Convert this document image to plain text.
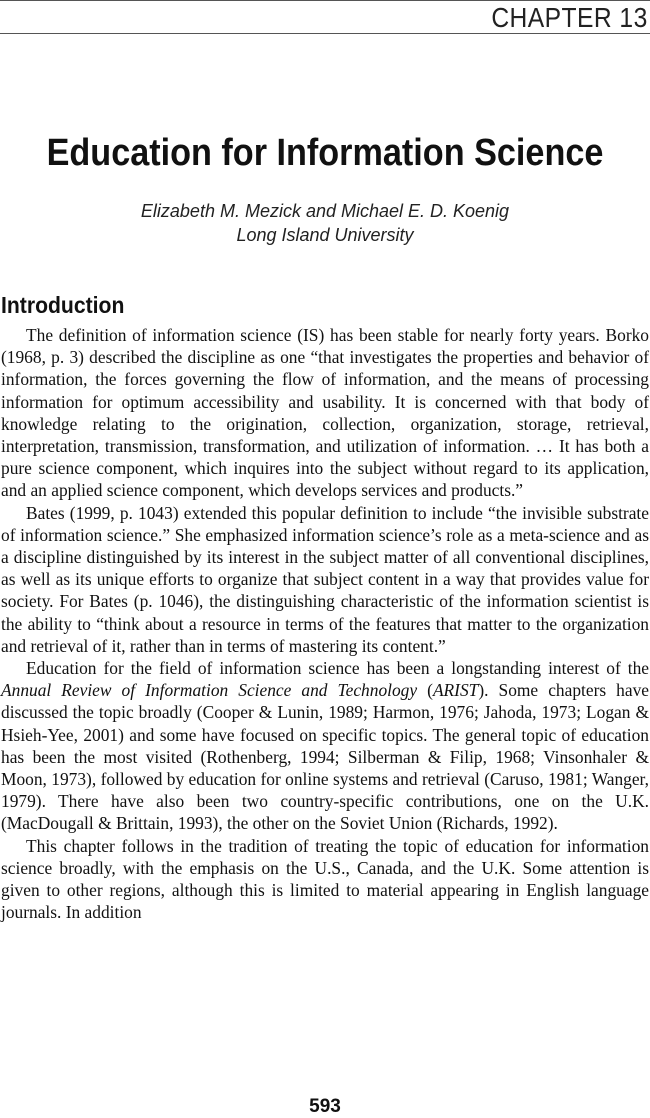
CHAPTER 13
Education for Information Science
Elizabeth M. Mezick and Michael E. D. Koenig
Long Island University
Introduction

The definition of information science (IS) has been stable for nearly forty years. Borko (1968, p. 3) described the discipline as one “that investigates the properties and behavior of information, the forces governing the flow of information, and the means of processing information for optimum accessibility and usability. It is concerned with that body of knowledge relating to the origination, collection, organization, storage, retrieval, interpretation, transmission, transformation, and utilization of information. … It has both a pure science component, which inquires into the subject without regard to its application, and an applied science component, which develops services and products.”

Bates (1999, p. 1043) extended this popular definition to include “the invisible substrate of information science.” She emphasized information science’s role as a meta-science and as a discipline distinguished by its interest in the subject matter of all conventional disciplines, as well as its unique efforts to organize that subject content in a way that provides value for society. For Bates (p. 1046), the distinguishing characteristic of the information scientist is the ability to “think about a resource in terms of the features that matter to the organization and retrieval of it, rather than in terms of mastering its content.”

Education for the field of information science has been a longstanding interest of the Annual Review of Information Science and Technology (ARIST). Some chapters have discussed the topic broadly (Cooper & Lunin, 1989; Harmon, 1976; Jahoda, 1973; Logan & Hsieh-Yee, 2001) and some have focused on specific topics. The general topic of education has been the most visited (Rothenberg, 1994; Silberman & Filip, 1968; Vinsonhaler & Moon, 1973), followed by education for online systems and retrieval (Caruso, 1981; Wanger, 1979). There have also been two country-specific contributions, one on the U.K. (MacDougall & Brittain, 1993), the other on the Soviet Union (Richards, 1992).

This chapter follows in the tradition of treating the topic of education for information science broadly, with the emphasis on the U.S., Canada, and the U.K. Some attention is given to other regions, although this is limited to material appearing in English language journals. In addition

593
